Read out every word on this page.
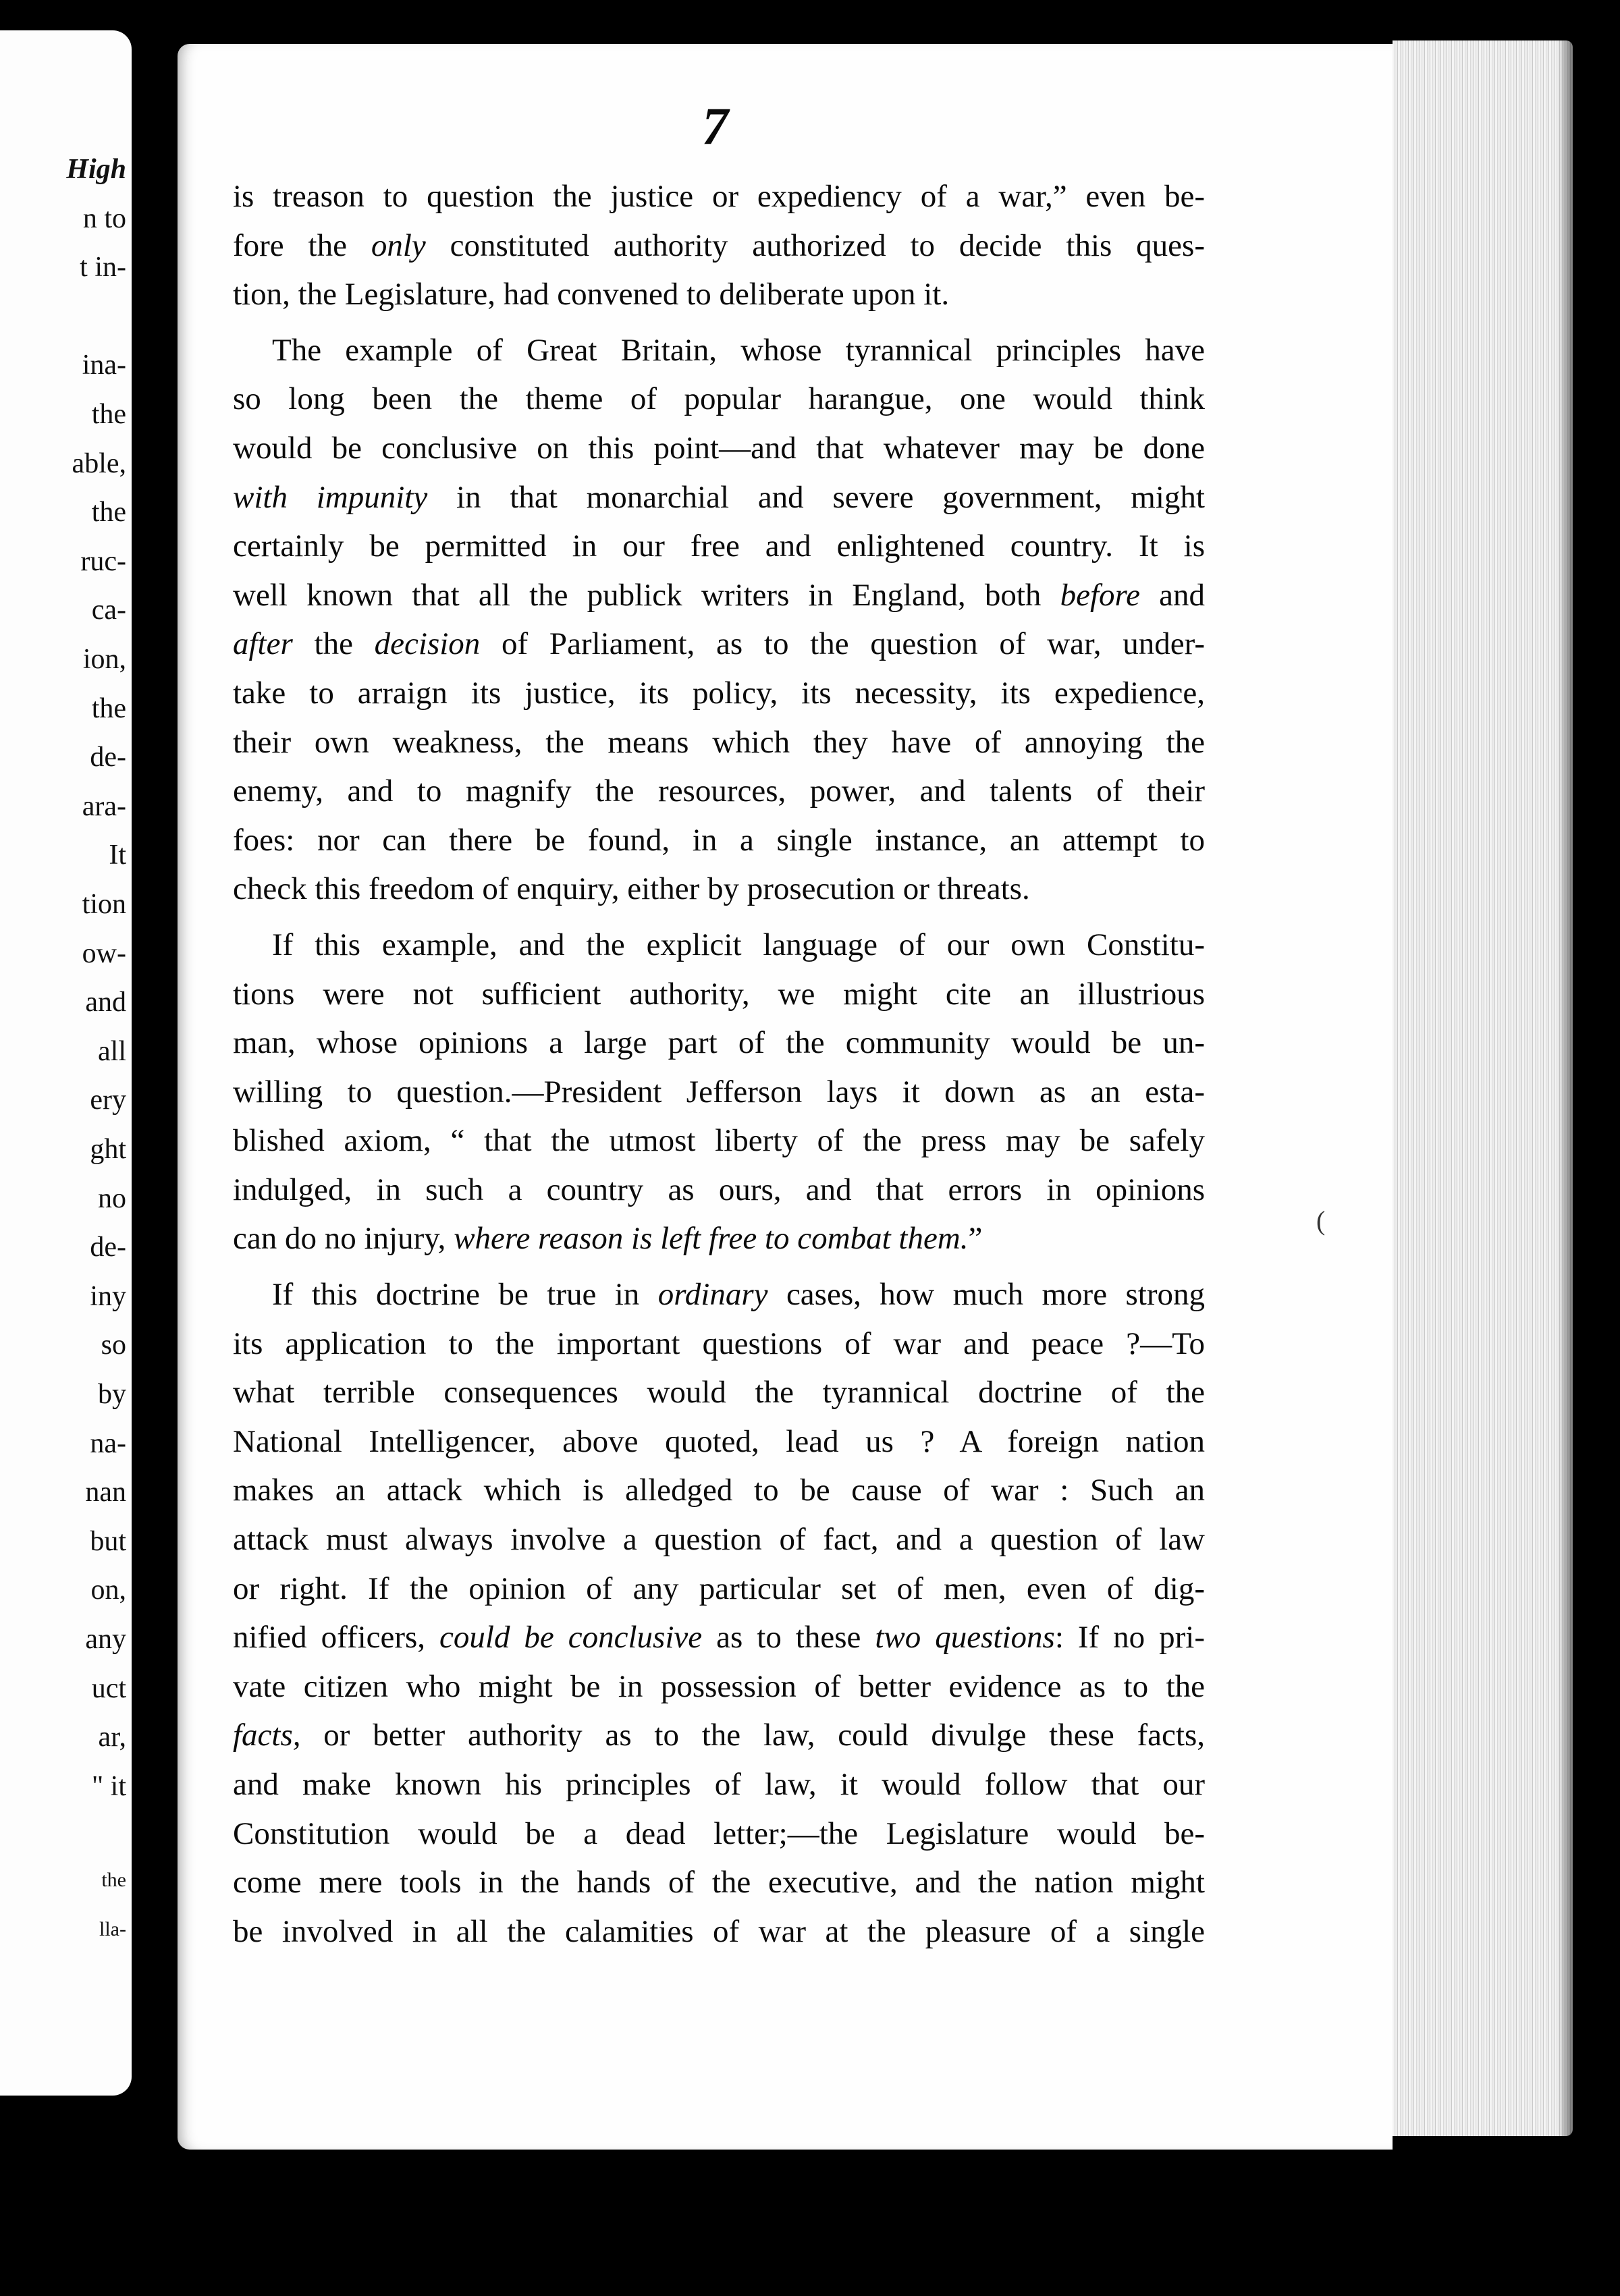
High
n to
t in-
ina-
the
able,
the
ruc-
ca-
ion,
the
de-
ara-
It
tion
ow-
and
all
ery
ght
no
de-
iny
so
by
na-
nan
but
on,
any
uct
ar,
" it
the
lla-
7
is treason to question the justice or expediency of a war,” even be-
fore the only constituted authority authorized to decide this ques-
tion, the Legislature, had convened to deliberate upon it.
The example of Great Britain, whose tyrannical principles have
so long been the theme of popular harangue, one would think
would be conclusive on this point—and that whatever may be done
with impunity in that monarchial and severe government, might
certainly be permitted in our free and enlightened country. It is
well known that all the publick writers in England, both before and
after the decision of Parliament, as to the question of war, under-
take to arraign its justice, its policy, its necessity, its expedience,
their own weakness, the means which they have of annoying the
enemy, and to magnify the resources, power, and talents of their
foes: nor can there be found, in a single instance, an attempt to
check this freedom of enquiry, either by prosecution or threats.
If this example, and the explicit language of our own Constitu-
tions were not sufficient authority, we might cite an illustrious
man, whose opinions a large part of the community would be un-
willing to question.—President Jefferson lays it down as an esta-
blished axiom, “ that the utmost liberty of the press may be safely
indulged, in such a country as ours, and that errors in opinions
can do no injury, where reason is left free to combat them.”
If this doctrine be true in ordinary cases, how much more strong
its application to the important questions of war and peace ?—To
what terrible consequences would the tyrannical doctrine of the
National Intelligencer, above quoted, lead us ? A foreign nation
makes an attack which is alledged to be cause of war : Such an
attack must always involve a question of fact, and a question of law
or right. If the opinion of any particular set of men, even of dig-
nified officers, could be conclusive as to these two questions: If no pri-
vate citizen who might be in possession of better evidence as to the
facts, or better authority as to the law, could divulge these facts,
and make known his principles of law, it would follow that our
Constitution would be a dead letter;—the Legislature would be-
come mere tools in the hands of the executive, and the nation might
be involved in all the calamities of war at the pleasure of a single
(
